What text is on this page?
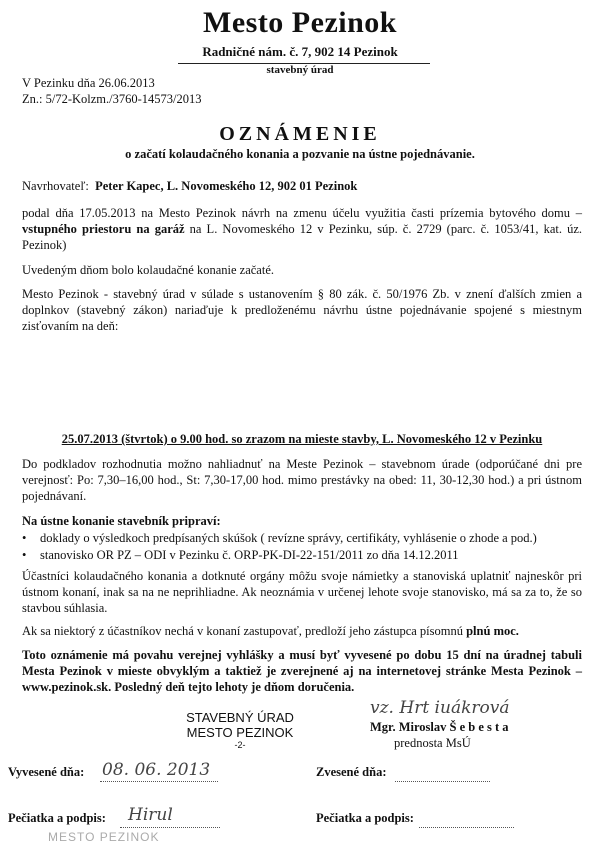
Mesto Pezinok
Radničné nám. č. 7, 902 14 Pezinok
stavebný úrad
V Pezinku dňa 26.06.2013
Zn.: 5/72-Kolzm./3760-14573/2013
OZNÁMENIE
o začatí kolaudačného konania a pozvanie na ústne pojednávanie.
Navrhovateľ: Peter Kapec, L. Novomeského 12, 902 01 Pezinok
podal dňa 17.05.2013 na Mesto Pezinok návrh na zmenu účelu využitia časti prízemia bytového domu – vstupného priestoru na garáž na L. Novomeského 12 v Pezinku, súp. č. 2729 (parc. č. 1053/41, kat. úz. Pezinok)
Uvedeným dňom bolo kolaudačné konanie začaté.
Mesto Pezinok - stavebný úrad v súlade s ustanovením § 80 zák. č. 50/1976 Zb. v znení ďalších zmien a doplnkov (stavebný zákon) nariaďuje k predloženému návrhu ústne pojednávanie spojené s miestnym zisťovaním na deň:
25.07.2013 (štvrtok) o 9.00 hod. so zrazom na mieste stavby, L. Novomeského 12 v Pezinku
Do podkladov rozhodnutia možno nahliadnuť na Meste Pezinok – stavebnom úrade (odporúčané dni pre verejnosť: Po: 7,30–16,00 hod., St: 7,30-17,00 hod. mimo prestávky na obed: 11, 30-12,30 hod.) a pri ústnom pojednávaní.
Na ústne konanie stavebník pripraví:
• doklady o výsledkoch predpísaných skúšok ( revízne správy, certifikáty, vyhlásenie o zhode a pod.)
• stanovisko OR PZ – ODI v Pezinku č. ORP-PK-DI-22-151/2011 zo dňa 14.12.2011
Účastníci kolaudačného konania a dotknuté orgány môžu svoje námietky a stanoviská uplatniť najneskôr pri ústnom konaní, inak sa na ne neprihliadne. Ak neoznámia v určenej lehote svoje stanovisko, má sa za to, že so stavbou súhlasia.
Ak sa niektorý z účastníkov nechá v konaní zastupovať, predloží jeho zástupca písomnú plnú moc.
Toto oznámenie má povahu verejnej vyhlášky a musí byť vyvesené po dobu 15 dní na úradnej tabuli Mesta Pezinok v mieste obvyklým a taktiež je zverejnené aj na internetovej stránke Mesta Pezinok – www.pezinok.sk. Posledný deň tejto lehoty je dňom doručenia.
STAVEBNÝ ÚRAD
MESTO PEZINOK
-2-
vz. Hrt iuákrová
Mgr. Miroslav Š e b e s t a
prednosta MsÚ
Vyvesené dňa: 08. 06. 2013	Zvesené dňa:
Pečiatka a podpis: Hirul	Pečiatka a podpis:
MESTO PEZINOK
